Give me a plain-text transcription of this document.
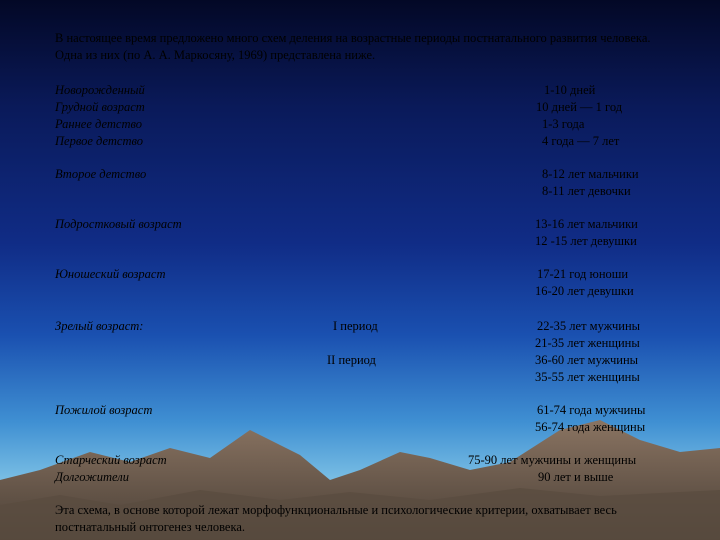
В настоящее время предложено много схем деления на возрастные периоды постнатального развития человека. Одна из них (по А. А. Маркосяну, 1969) представлена ниже.
Новорожденный
Грудной возраст
Раннее детство
Первое детство
Второе детство
Подростковый возраст
Юношеский возраст
Зрелый возраст:
Пожилой возраст
Старческий возраст
Долгожители
I период
II период
1-10 дней
10 дней — 1 год
1-3 года
4 года — 7 лет
8-12 лет мальчики
8-11 лет девочки
13-16 лет мальчики
12 -15 лет девушки
17-21 год юноши
16-20 лет девушки
22-35 лет мужчины
21-35 лет женщины
36-60 лет мужчины
35-55 лет женщины
61-74 года мужчины
56-74 года женщины
75-90 лет мужчины и женщины
90 лет и выше
Эта схема, в основе которой лежат морфофункциональные и психологические критерии, охватывает весь постнатальный онтогенез человека.
